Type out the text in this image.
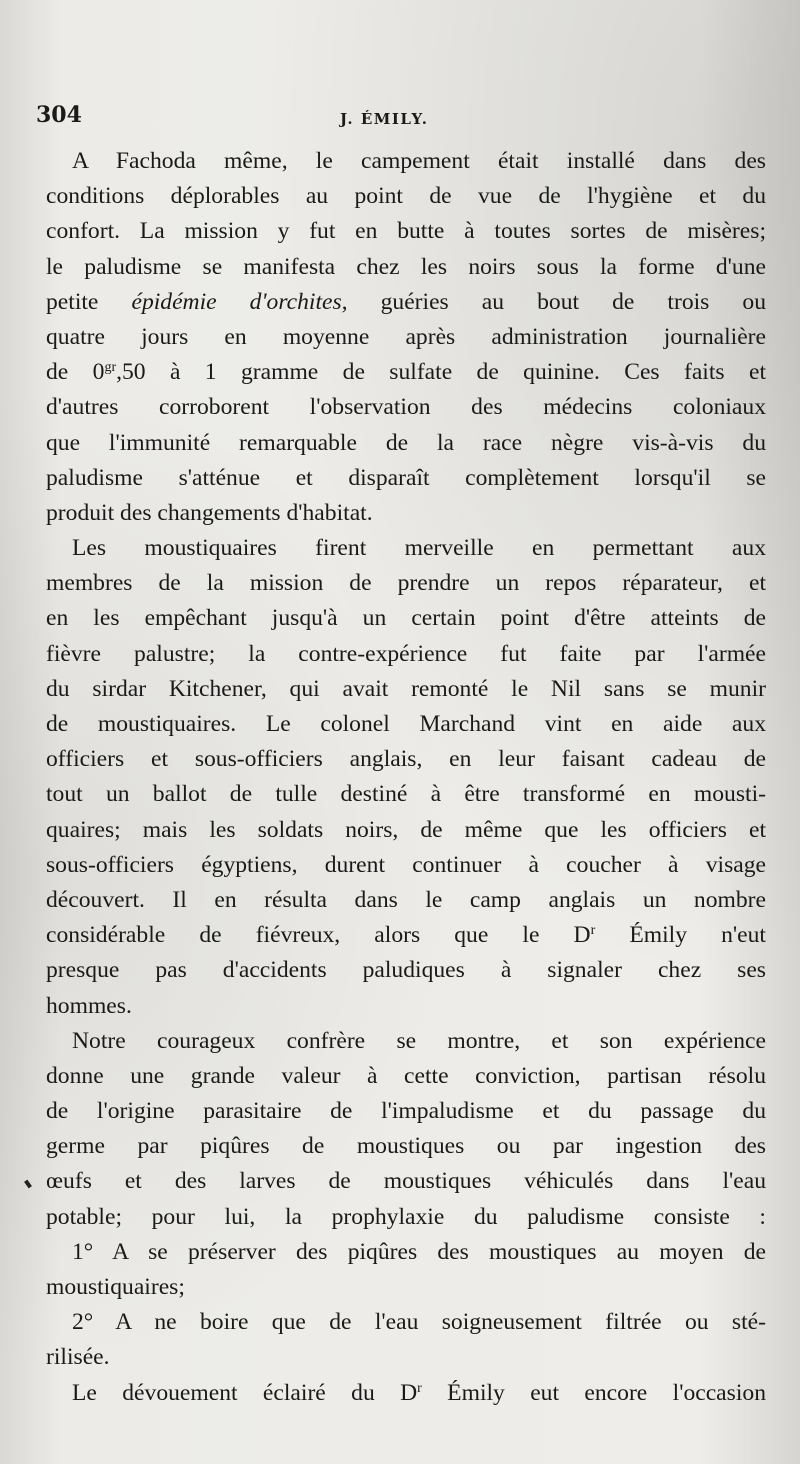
304	J. ÉMILY.
A Fachoda même, le campement était installé dans des
conditions déplorables au point de vue de l'hygiène et du
confort. La mission y fut en butte à toutes sortes de misères;
le paludisme se manifesta chez les noirs sous la forme d'une
petite épidémie d'orchites, guéries au bout de trois ou
quatre jours en moyenne après administration journalière
de $0^{gr},50$ à 1 gramme de sulfate de quinine. Ces faits et
d'autres corroborent l'observation des médecins coloniaux
que l'immunité remarquable de la race nègre vis-à-vis du
paludisme s'atténue et disparaît complètement lorsqu'il se
produit des changements d'habitat.
Les moustiquaires firent merveille en permettant aux
membres de la mission de prendre un repos réparateur, et
en les empêchant jusqu'à un certain point d'être atteints de
fièvre palustre; la contre-expérience fut faite par l'armée
du sirdar Kitchener, qui avait remonté le Nil sans se munir
de moustiquaires. Le colonel Marchand vint en aide aux
officiers et sous-officiers anglais, en leur faisant cadeau de
tout un ballot de tulle destiné à être transformé en mousti-
quaires; mais les soldats noirs, de même que les officiers et
sous-officiers égyptiens, durent continuer à coucher à visage
découvert. Il en résulta dans le camp anglais un nombre
considérable de fiévreux, alors que le $D^r$ Émily n'eut
presque pas d'accidents paludiques à signaler chez ses
hommes.
Notre courageux confrère se montre, et son expérience
donne une grande valeur à cette conviction, partisan résolu
de l'origine parasitaire de l'impaludisme et du passage du
germe par piqûres de moustiques ou par ingestion des
œufs et des larves de moustiques véhiculés dans l'eau
potable; pour lui, la prophylaxie du paludisme consiste :
1° A se préserver des piqûres des moustiques au moyen de
moustiquaires;
2° A ne boire que de l'eau soigneusement filtrée ou sté-
rilisée.
Le dévouement éclairé du $D^r$ Émily eut encore l'occasion
